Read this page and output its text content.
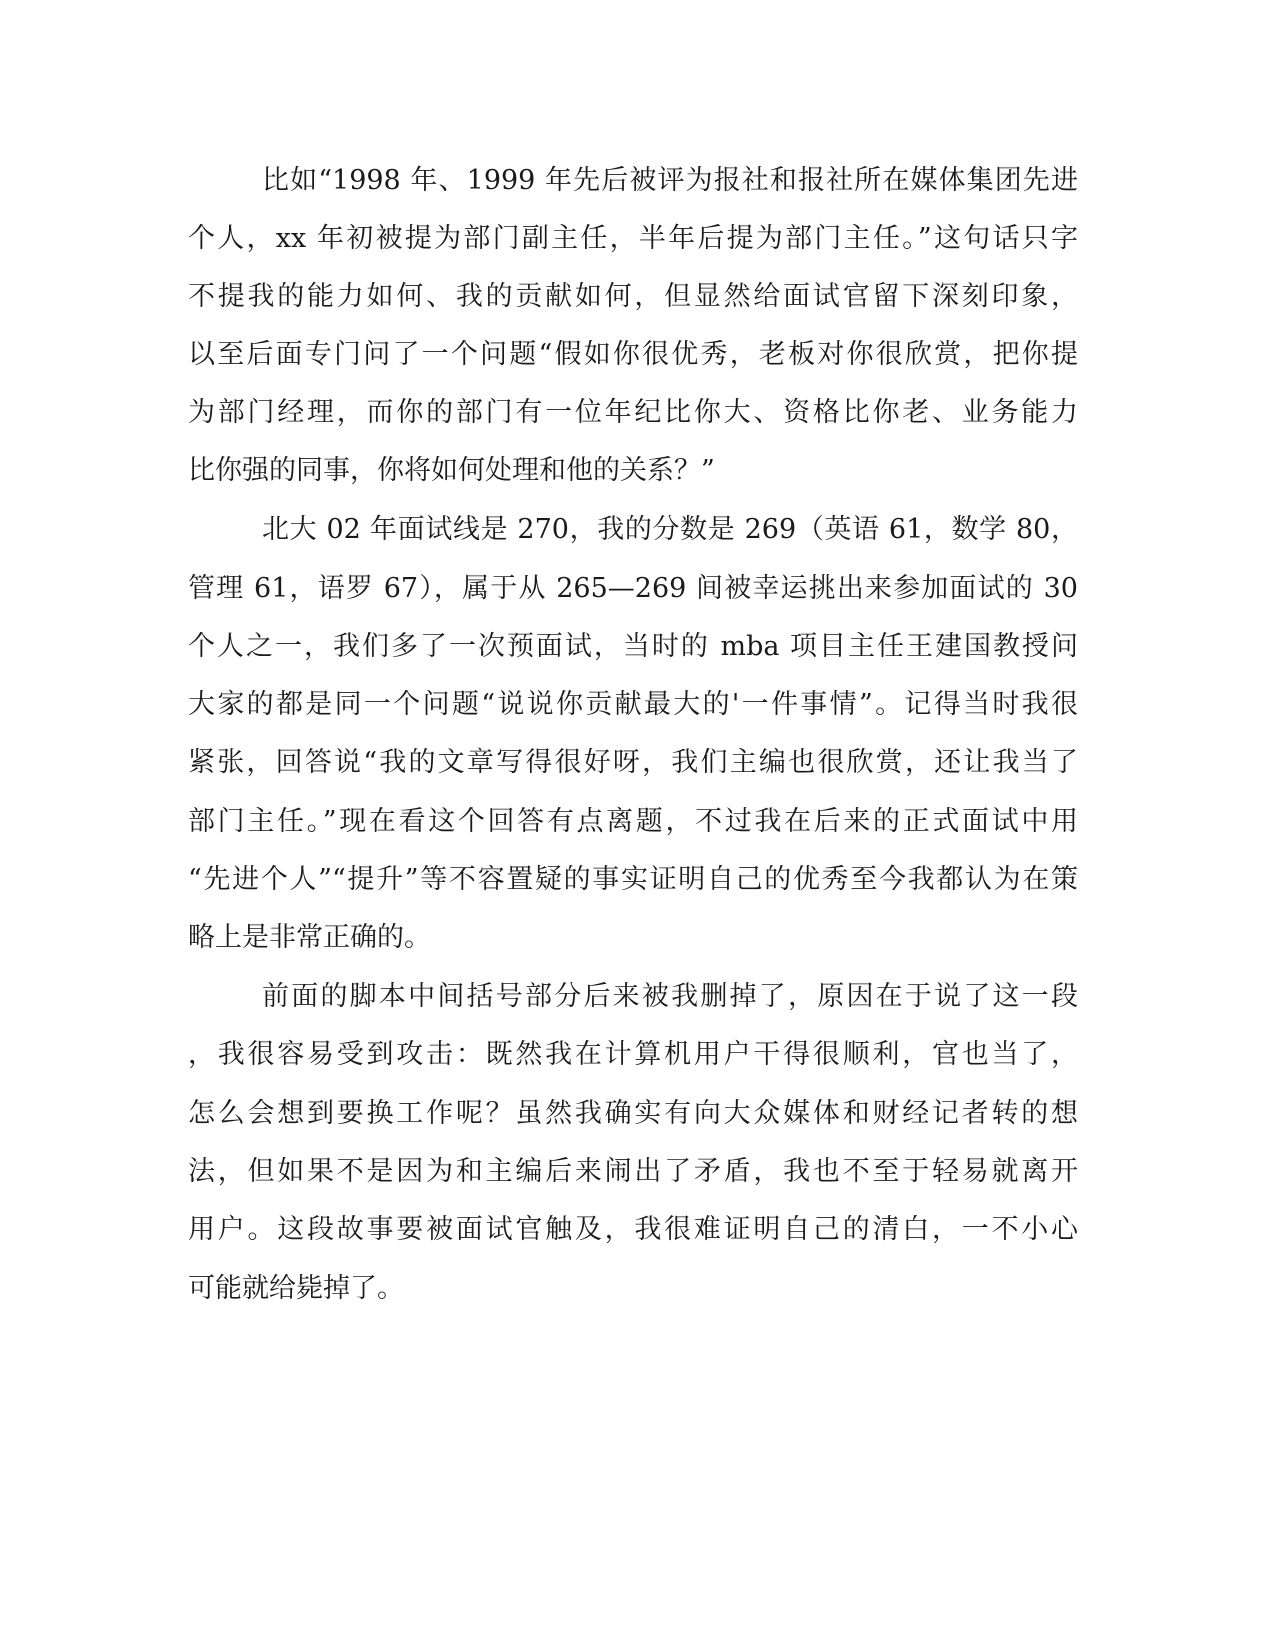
比如“1998 年、1999 年先后被评为报社和报社所在媒体集团先进
个人，xx 年初被提为部门副主任，半年后提为部门主任。”这句话只字
不提我的能力如何、我的贡献如何，但显然给面试官留下深刻印象，
以至后面专门问了一个问题“假如你很优秀，老板对你很欣赏，把你提
为部门经理，而你的部门有一位年纪比你大、资格比你老、业务能力
比你强的同事，你将如何处理和他的关系？”
北大 02 年面试线是 270，我的分数是 269（英语 61，数学 80，
管理 61，语罗 67），属于从 265—269 间被幸运挑出来参加面试的 30
个人之一，我们多了一次预面试，当时的 mba 项目主任王建国教授问
大家的都是同一个问题“说说你贡献最大的'一件事情”。记得当时我很
紧张，回答说“我的文章写得很好呀，我们主编也很欣赏，还让我当了
部门主任。”现在看这个回答有点离题，不过我在后来的正式面试中用
“先进个人”“提升”等不容置疑的事实证明自己的优秀至今我都认为在策
略上是非常正确的。
前面的脚本中间括号部分后来被我删掉了，原因在于说了这一段
，我很容易受到攻击：既然我在计算机用户干得很顺利，官也当了，
怎么会想到要换工作呢？虽然我确实有向大众媒体和财经记者转的想
法，但如果不是因为和主编后来闹出了矛盾，我也不至于轻易就离开
用户。这段故事要被面试官触及，我很难证明自己的清白，一不小心
可能就给毙掉了。
